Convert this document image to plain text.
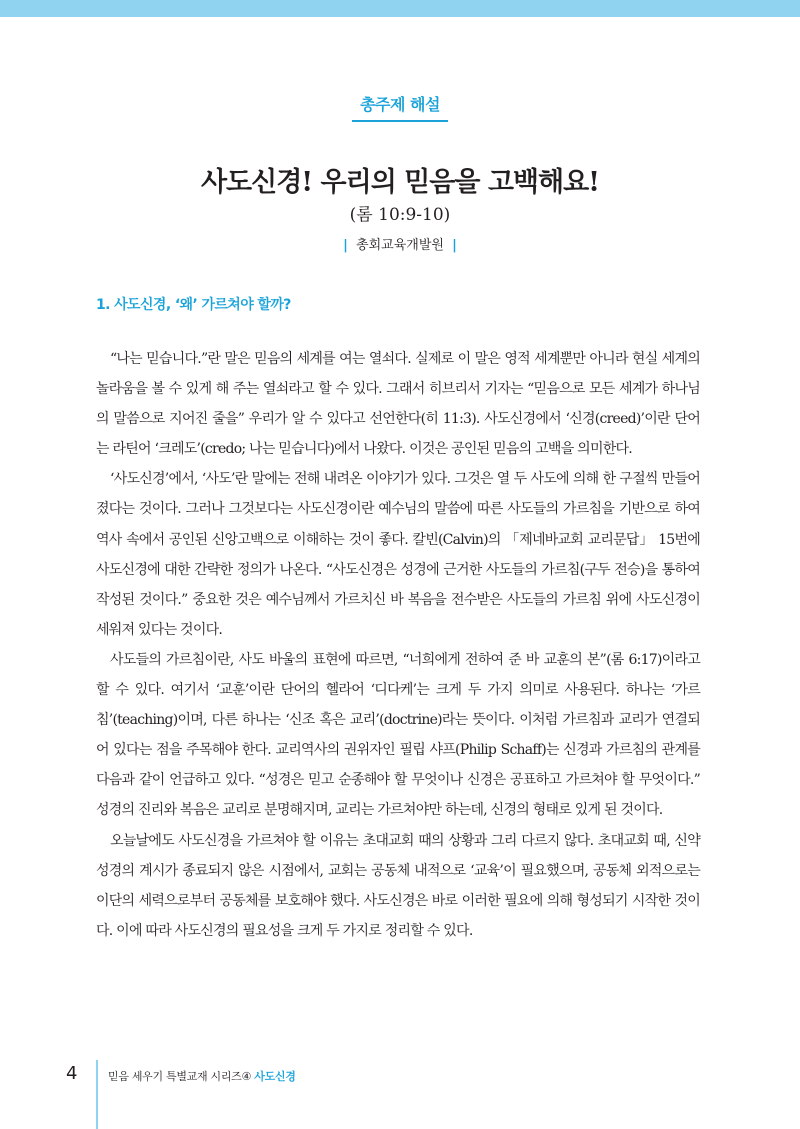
총주제 해설
사도신경! 우리의 믿음을 고백해요!
(롬 10:9-10)
| 총회교육개발원 |
1. 사도신경, ‘왜’ 가르쳐야 할까?

“나는 믿습니다.”란 말은 믿음의 세계를 여는 열쇠다. 실제로 이 말은 영적 세계뿐만 아니라 현실 세계의 놀라움을 볼 수 있게 해 주는 열쇠라고 할 수 있다. 그래서 히브리서 기자는 “믿음으로 모든 세계가 하나님의 말씀으로 지어진 줄을” 우리가 알 수 있다고 선언한다(히 11:3). 사도신경에서 ‘신경(creed)’이란 단어는 라틴어 ‘크레도’(credo; 나는 믿습니다)에서 나왔다. 이것은 공인된 믿음의 고백을 의미한다.

‘사도신경’에서, ‘사도’란 말에는 전해 내려온 이야기가 있다. 그것은 열 두 사도에 의해 한 구절씩 만들어졌다는 것이다. 그러나 그것보다는 사도신경이란 예수님의 말씀에 따른 사도들의 가르침을 기반으로 하여 역사 속에서 공인된 신앙고백으로 이해하는 것이 좋다. 칼빈(Calvin)의 「제네바교회 교리문답」 15번에 사도신경에 대한 간략한 정의가 나온다. “사도신경은 성경에 근거한 사도들의 가르침(구두 전승)을 통하여 작성된 것이다.” 중요한 것은 예수님께서 가르치신 바 복음을 전수받은 사도들의 가르침 위에 사도신경이 세워져 있다는 것이다.

사도들의 가르침이란, 사도 바울의 표현에 따르면, “너희에게 전하여 준 바 교훈의 본”(롬 6:17)이라고 할 수 있다. 여기서 ‘교훈’이란 단어의 헬라어 ‘디다케’는 크게 두 가지 의미로 사용된다. 하나는 ‘가르침’(teaching)이며, 다른 하나는 ‘신조 혹은 교리’(doctrine)라는 뜻이다. 이처럼 가르침과 교리가 연결되어 있다는 점을 주목해야 한다. 교리역사의 권위자인 필립 샤프(Philip Schaff)는 신경과 가르침의 관계를 다음과 같이 언급하고 있다. “성경은 믿고 순종해야 할 무엇이나 신경은 공표하고 가르쳐야 할 무엇이다.” 성경의 진리와 복음은 교리로 분명해지며, 교리는 가르쳐야만 하는데, 신경의 형태로 있게 된 것이다.

오늘날에도 사도신경을 가르쳐야 할 이유는 초대교회 때의 상황과 그리 다르지 않다. 초대교회 때, 신약성경의 계시가 종료되지 않은 시점에서, 교회는 공동체 내적으로 ‘교육’이 필요했으며, 공동체 외적으로는 이단의 세력으로부터 공동체를 보호해야 했다. 사도신경은 바로 이러한 필요에 의해 형성되기 시작한 것이다. 이에 따라 사도신경의 필요성을 크게 두 가지로 정리할 수 있다.

4	믿음 세우기 특별교재 시리즈④ 사도신경
